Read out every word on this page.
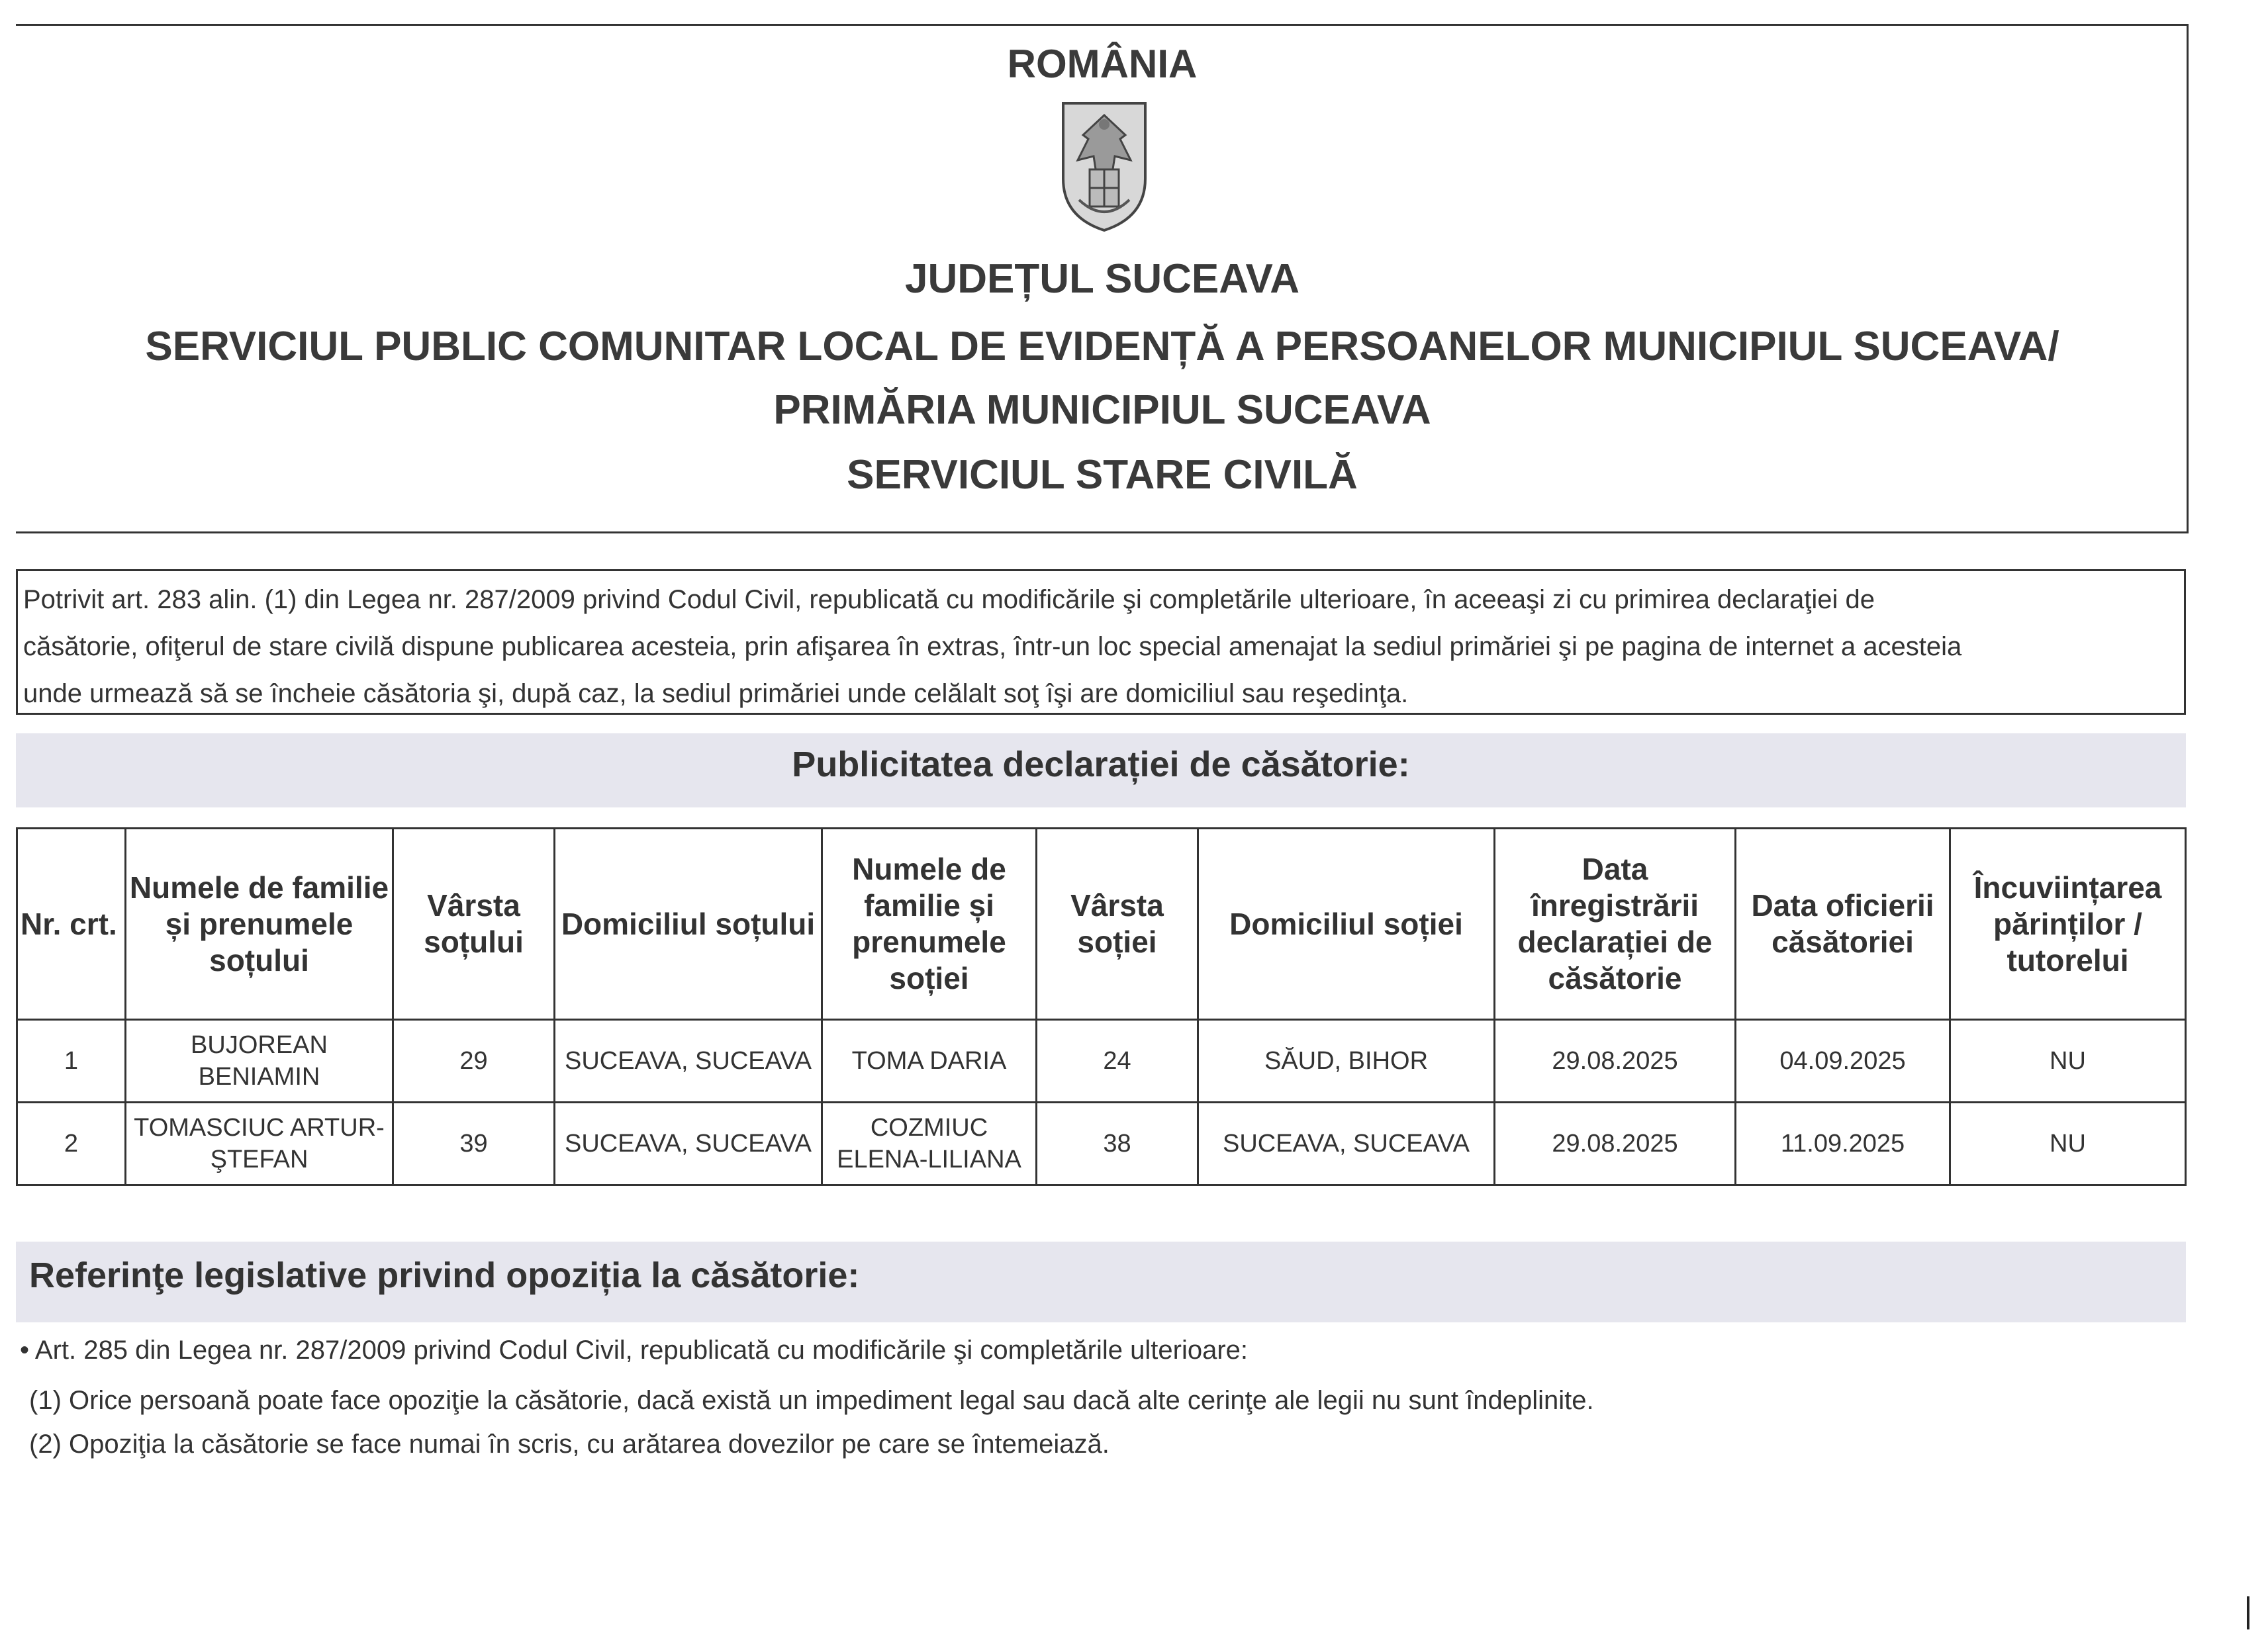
ROMÂNIA
JUDEȚUL SUCEAVA
SERVICIUL PUBLIC COMUNITAR LOCAL DE EVIDENȚĂ A PERSOANELOR MUNICIPIUL SUCEAVA/
PRIMĂRIA MUNICIPIUL SUCEAVA
SERVICIUL STARE CIVILĂ
Potrivit art. 283 alin. (1) din Legea nr. 287/2009 privind Codul Civil, republicată cu modificările şi completările ulterioare, în aceeaşi zi cu primirea declaraţiei de
căsătorie, ofiţerul de stare civilă dispune publicarea acesteia, prin afişarea în extras, într-un loc special amenajat la sediul primăriei şi pe pagina de internet a acesteia
unde urmează să se încheie căsătoria şi, după caz, la sediul primăriei unde celălalt soţ îşi are domiciliul sau reşedinţa.
Publicitatea declarației de căsătorie:
Nr. crt.	Numele de familie și prenumele soțului	Vârsta soțului	Domiciliul soțului	Numele de familie și prenumele soției	Vârsta soției	Domiciliul soției	Data înregistrării declarației de căsătorie	Data oficierii căsătoriei	Încuviințarea părinților / tutorelui
1	BUJOREAN BENIAMIN	29	SUCEAVA, SUCEAVA	TOMA DARIA	24	SĂUD, BIHOR	29.08.2025	04.09.2025	NU
2	TOMASCIUC ARTUR-ŞTEFAN	39	SUCEAVA, SUCEAVA	COZMIUC ELENA-LILIANA	38	SUCEAVA, SUCEAVA	29.08.2025	11.09.2025	NU
Referinţe legislative privind opoziția la căsătorie:
• Art. 285 din Legea nr. 287/2009 privind Codul Civil, republicată cu modificările şi completările ulterioare:
(1) Orice persoană poate face opoziţie la căsătorie, dacă există un impediment legal sau dacă alte cerinţe ale legii nu sunt îndeplinite.
(2) Opoziţia la căsătorie se face numai în scris, cu arătarea dovezilor pe care se întemeiază.
